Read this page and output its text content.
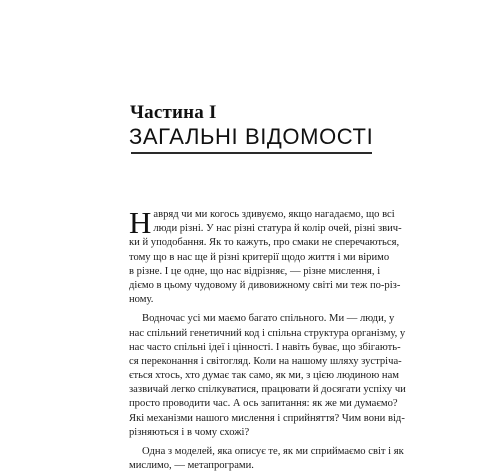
Частина I
ЗАГАЛЬНІ ВІДОМОСТІ
Н авряд чи ми когось здивуємо, якщо нагадаємо, що всі
люди різні. У нас різні статура й колір очей, різні звич-
ки й уподобання. Як то кажуть, про смаки не сперечаються,
тому що в нас ще й різні критерії щодо життя і ми віримо
в різне. І це одне, що нас відрізняє, — різне мислення, і
діємо в цьому чудовому й дивовижному світі ми теж по-різ-
ному.
Водночас усі ми маємо багато спільного. Ми — люди, у
нас спільний генетичний код і спільна структура організму, у
нас часто спільні ідеї і цінності. І навіть буває, що збігають-
ся переконання і світогляд. Коли на нашому шляху зустріча-
ється хтось, хто думає так само, як ми, з цією людиною нам
зазвичай легко спілкуватися, працювати й досягати успіху чи
просто проводити час. А ось запитання: як же ми думаємо?
Які механізми нашого мислення і сприйняття? Чим вони від-
різняються і в чому схожі?
Одна з моделей, яка описує те, як ми сприймаємо світ і як
мислимо, — метапрограми.
